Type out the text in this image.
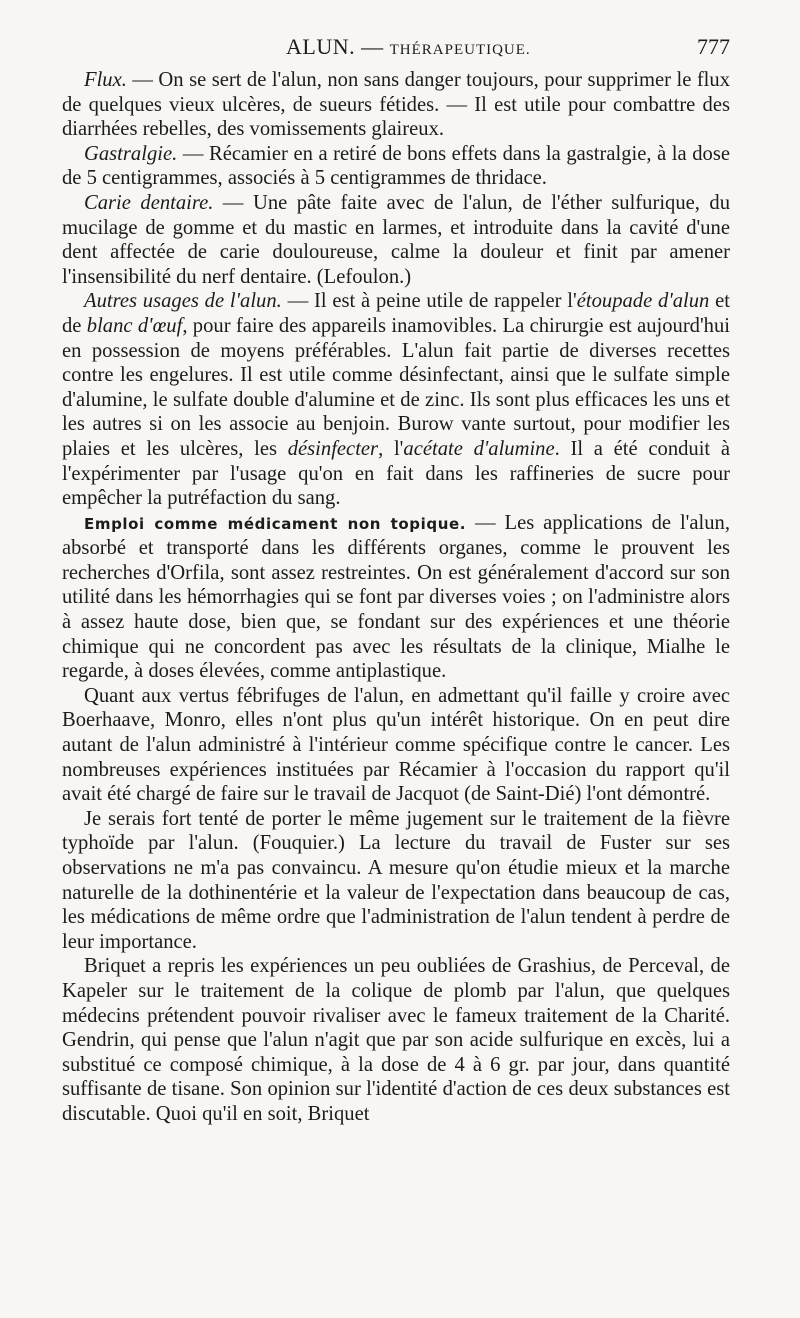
ALUN. — THÉRAPEUTIQUE.	777

Flux. — On se sert de l'alun, non sans danger toujours, pour supprimer le flux de quelques vieux ulcères, de sueurs fétides. — Il est utile pour combattre des diarrhées rebelles, des vomissements glaireux.

Gastralgie. — Récamier en a retiré de bons effets dans la gastralgie, à la dose de 5 centigrammes, associés à 5 centigrammes de thridace.

Carie dentaire. — Une pâte faite avec de l'alun, de l'éther sulfurique, du mucilage de gomme et du mastic en larmes, et introduite dans la cavité d'une dent affectée de carie douloureuse, calme la douleur et finit par amener l'insensibilité du nerf dentaire. (Lefoulon.)

Autres usages de l'alun. — Il est à peine utile de rappeler l'étoupade d'alun et de blanc d'œuf, pour faire des appareils inamovibles. La chirurgie est aujourd'hui en possession de moyens préférables. L'alun fait partie de diverses recettes contre les engelures. Il est utile comme désinfectant, ainsi que le sulfate simple d'alumine, le sulfate double d'alumine et de zinc. Ils sont plus efficaces les uns et les autres si on les associe au benjoin. Burow vante surtout, pour modifier les plaies et les ulcères, les désinfecter, l'acétate d'alumine. Il a été conduit à l'expérimenter par l'usage qu'on en fait dans les raffineries de sucre pour empêcher la putréfaction du sang.

Emploi comme médicament non topique. — Les applications de l'alun, absorbé et transporté dans les différents organes, comme le prouvent les recherches d'Orfila, sont assez restreintes. On est généralement d'accord sur son utilité dans les hémorrhagies qui se font par diverses voies ; on l'administre alors à assez haute dose, bien que, se fondant sur des expériences et une théorie chimique qui ne concordent pas avec les résultats de la clinique, Mialhe le regarde, à doses élevées, comme antiplastique.

Quant aux vertus fébrifuges de l'alun, en admettant qu'il faille y croire avec Boerhaave, Monro, elles n'ont plus qu'un intérêt historique. On en peut dire autant de l'alun administré à l'intérieur comme spécifique contre le cancer. Les nombreuses expériences instituées par Récamier à l'occasion du rapport qu'il avait été chargé de faire sur le travail de Jacquot (de Saint-Dié) l'ont démontré.

Je serais fort tenté de porter le même jugement sur le traitement de la fièvre typhoïde par l'alun. (Fouquier.) La lecture du travail de Fuster sur ses observations ne m'a pas convaincu. A mesure qu'on étudie mieux et la marche naturelle de la dothinentérie et la valeur de l'expectation dans beaucoup de cas, les médications de même ordre que l'administration de l'alun tendent à perdre de leur importance.

Briquet a repris les expériences un peu oubliées de Grashius, de Perceval, de Kapeler sur le traitement de la colique de plomb par l'alun, que quelques médecins prétendent pouvoir rivaliser avec le fameux traitement de la Charité. Gendrin, qui pense que l'alun n'agit que par son acide sulfurique en excès, lui a substitué ce composé chimique, à la dose de 4 à 6 gr. par jour, dans quantité suffisante de tisane. Son opinion sur l'identité d'action de ces deux substances est discutable. Quoi qu'il en soit, Briquet
